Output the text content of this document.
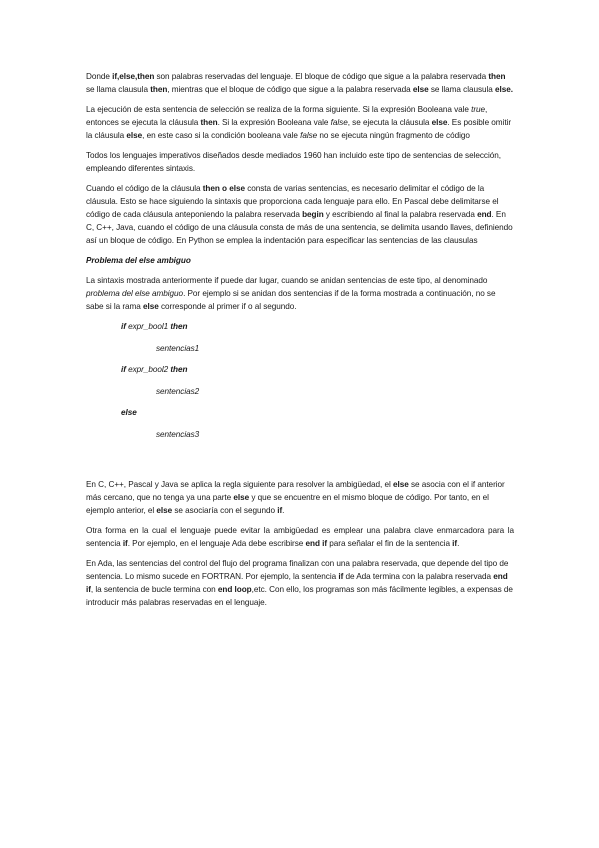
Donde if,else,then son palabras reservadas del lenguaje. El bloque de código que sigue a la palabra reservada then se llama clausula then, mientras que el bloque de código que sigue a la palabra reservada else se llama clausula else.

La ejecución de esta sentencia de selección se realiza de la forma siguiente. Si la expresión Booleana vale true, entonces se ejecuta la cláusula then. Si la expresión Booleana vale false, se ejecuta la cláusula else. Es posible omitir la cláusula else, en este caso si la condición booleana vale false no se ejecuta ningún fragmento de código

Todos los lenguajes imperativos diseñados desde mediados 1960 han incluido este tipo de sentencias de selección, empleando diferentes sintaxis.

Cuando el código de la cláusula then o else consta de varias sentencias, es necesario delimitar el código de la cláusula. Esto se hace siguiendo la sintaxis que proporciona cada lenguaje para ello. En Pascal debe delimitarse el código de cada cláusula anteponiendo la palabra reservada begin y escribiendo al final la palabra reservada end. En C, C++, Java, cuando el código de una cláusula consta de más de una sentencia, se delimita usando llaves, definiendo así un bloque de código. En Python se emplea la indentación para especificar las sentencias de las clausulas

Problema del else ambiguo

La sintaxis mostrada anteriormente if puede dar lugar, cuando se anidan sentencias de este tipo, al denominado problema del else ambiguo. Por ejemplo si se anidan dos sentencias if de la forma mostrada a continuación, no se sabe si la rama else corresponde al primer if o al segundo.

if expr_bool1 then
sentencias1
if expr_bool2 then
sentencias2
else
sentencias3

En C, C++, Pascal y Java se aplica la regla siguiente para resolver la ambigüedad, el else se asocia con el if anterior más cercano, que no tenga ya una parte else y que se encuentre en el mismo bloque de código. Por tanto, en el ejemplo anterior, el else se asociaría con el segundo if.

Otra forma en la cual el lenguaje puede evitar la ambigüedad es emplear una palabra clave enmarcadora para la sentencia if. Por ejemplo, en el lenguaje Ada debe escribirse end if para señalar el fin de la sentencia if.

En Ada, las sentencias del control del flujo del programa finalizan con una palabra reservada, que depende del tipo de sentencia. Lo mismo sucede en FORTRAN. Por ejemplo, la sentencia if de Ada termina con la palabra reservada end if, la sentencia de bucle termina con end loop,etc. Con ello, los programas son más fácilmente legibles, a expensas de introducir más palabras reservadas en el lenguaje.
